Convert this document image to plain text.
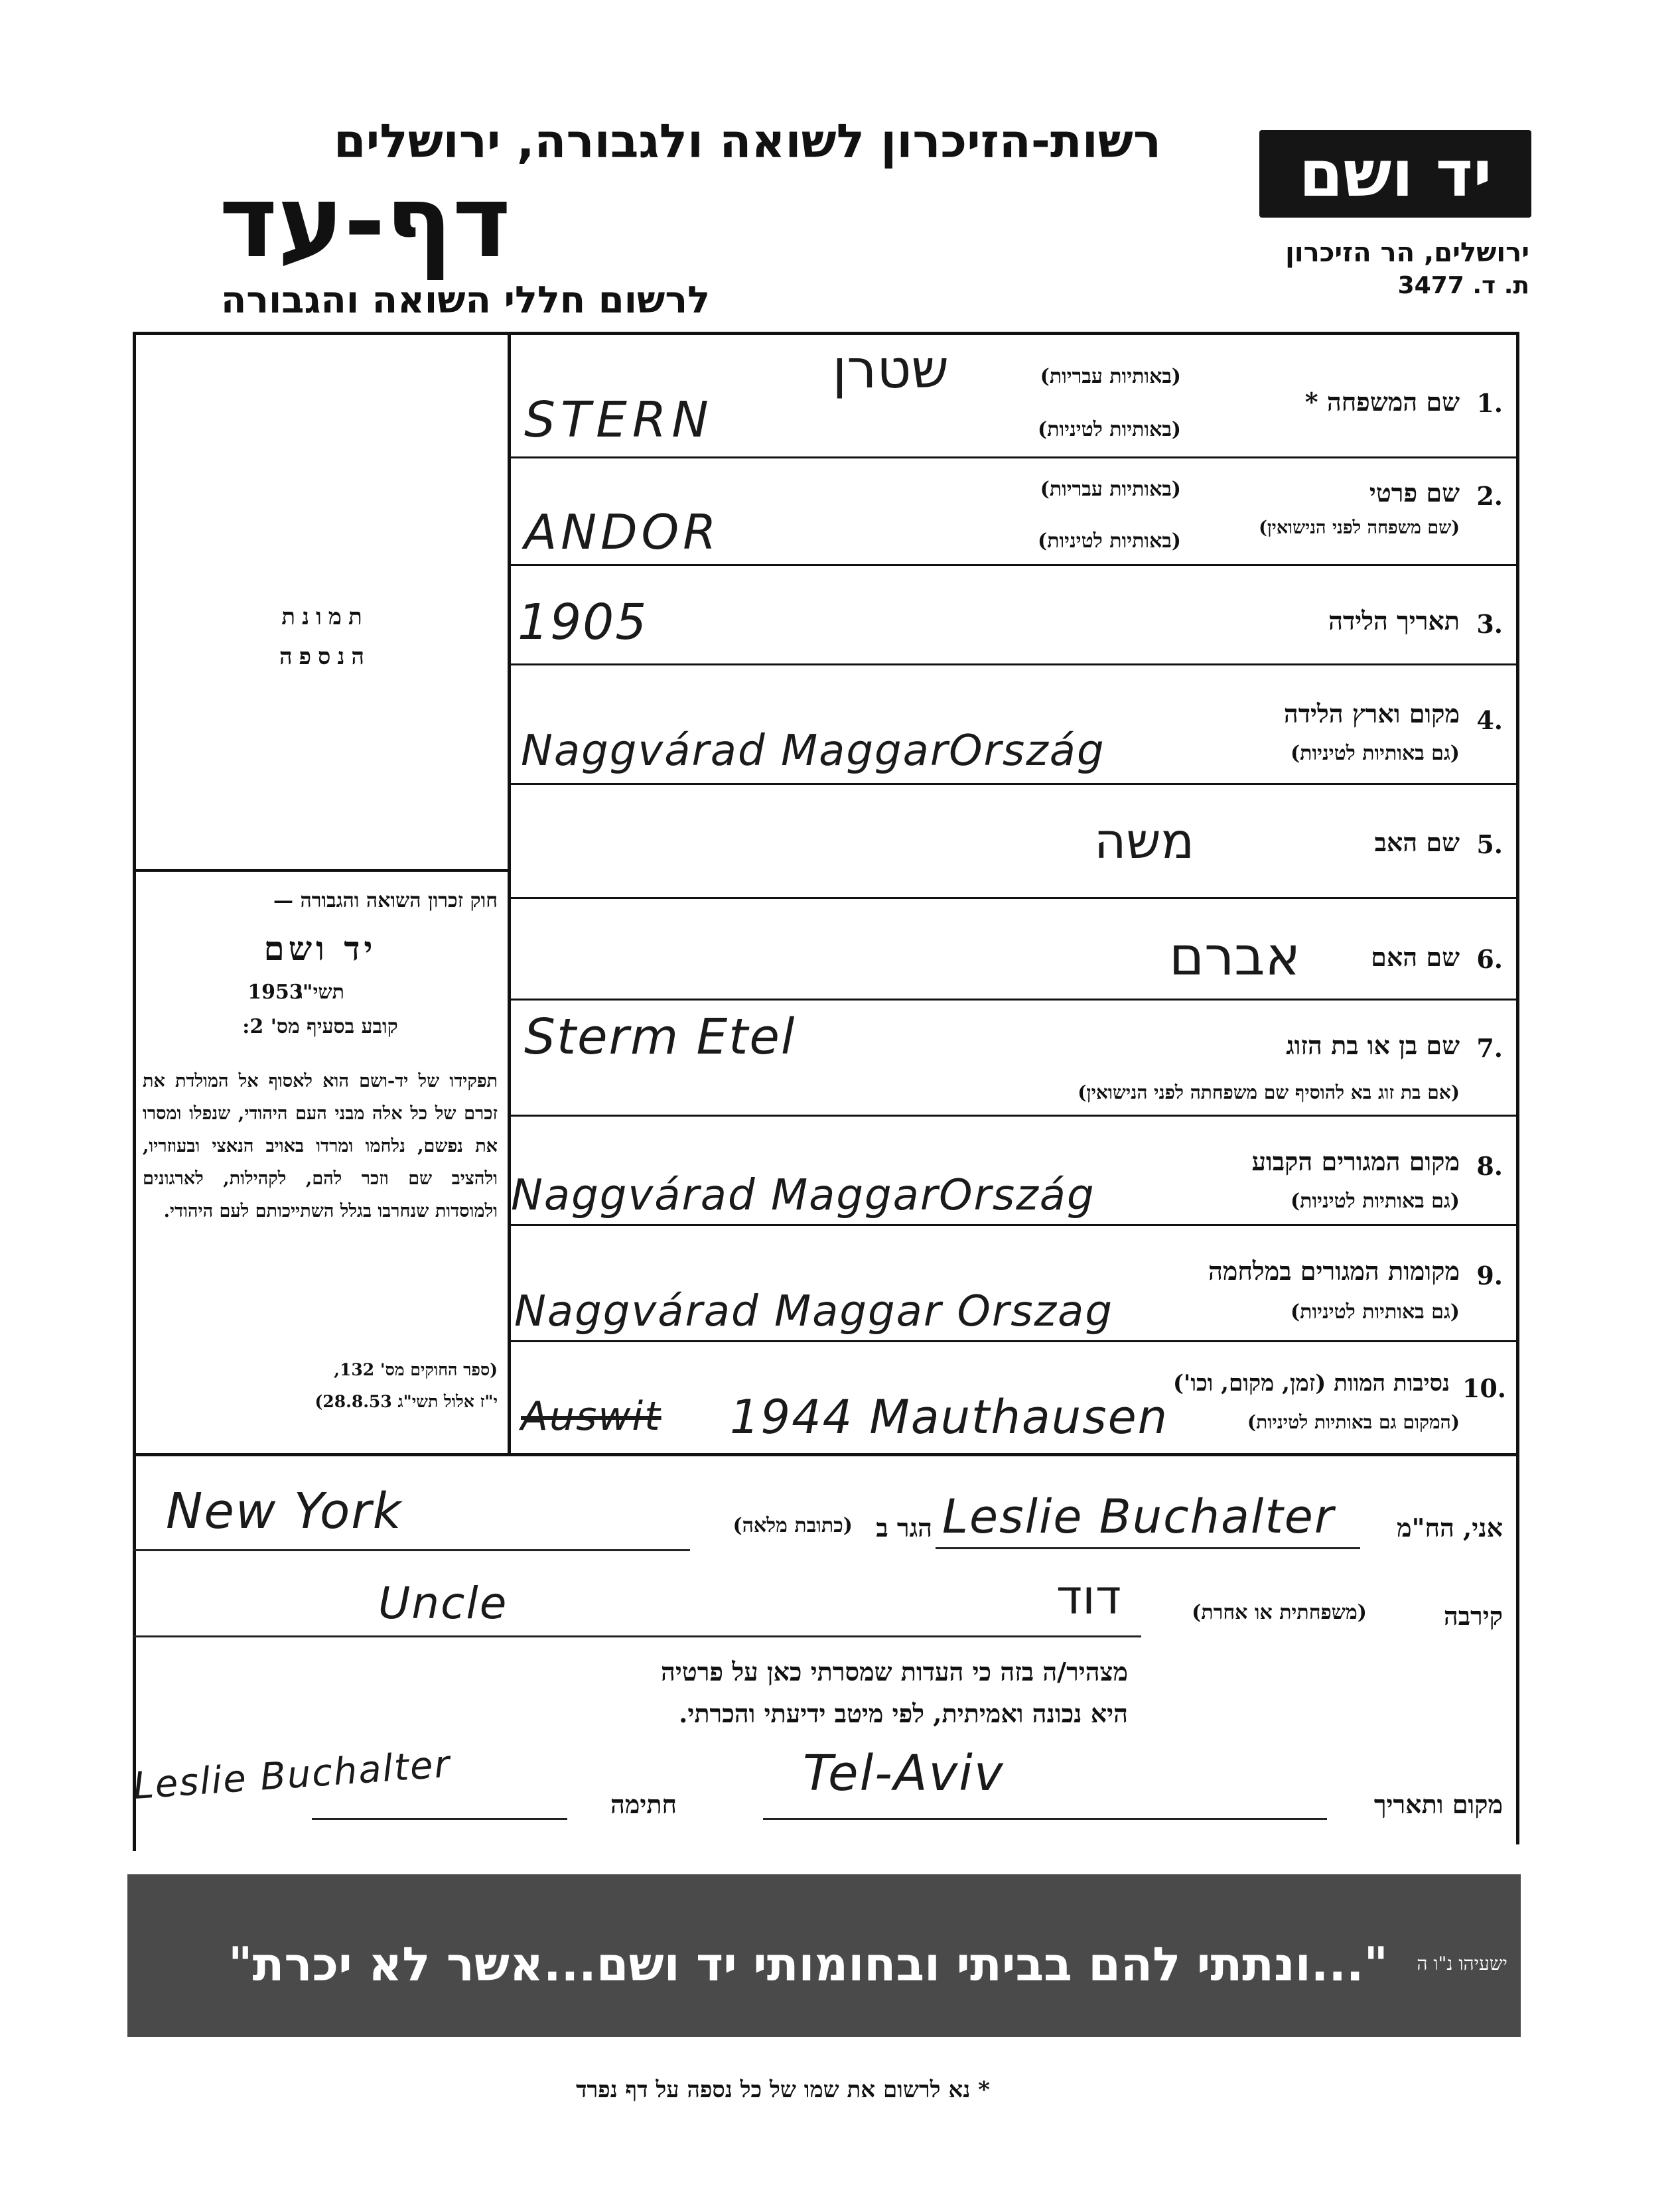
רשות-הזיכרון לשואה ולגבורה, ירושלים
דף-עד
לרשום חללי השואה והגבורה
יד ושם
ירושלים, הר הזיכרון
ת. ד. 3477
תמונת
הנספה
חוק זכרון השואה והגבורה —
יד ושם
תשי"ג
1953
קובע בסעיף מס' 2:
תפקידו של יד-ושם הוא לאסוף אל המולדת את זכרם של כל אלה מבני העם היהודי, שנפלו ומסרו את נפשם, נלחמו ומרדו באויב הנאצי ובעוזריו, ולהציב שם וזכר להם, לקהילות, לארגונים ולמוסדות שנחרבו בגלל השתייכותם לעם היהודי.
(ספר החוקים מס' 132,
י"ז אלול תשי"ג 28.8.53)
1.
שם המשפחה *
(באותיות עבריות)
(באותיות לטיניות)
שטרן
STERN
2.
שם פרטי
(שם משפחה לפני הנישואין)
(באותיות עבריות)
(באותיות לטיניות)
ANDOR
3.
תאריך הלידה
1905
4.
מקום וארץ הלידה
(גם באותיות לטיניות)
Naggvárad MaggarOrszág
5.
שם האב
משה
6.
שם האם
אברם
7.
שם בן או בת הזוג
(אם בת זוג בא להוסיף שם משפחתה לפני הנישואין)
Sterm Etel
8.
מקום המגורים הקבוע
(גם באותיות לטיניות)
Naggvárad MaggarOrszág
9.
מקומות המגורים במלחמה
(גם באותיות לטיניות)
Naggvárad Maggar Orszag
10.
נסיבות המוות (זמן, מקום, וכו')
(המקום גם באותיות לטיניות)
Auswit 1944 Mauthausen
אני, הח"מ
Leslie Buchalter
הגר ב
(כתובת מלאה)
New York
קירבה
(משפחתית או אחרת)
Uncle	דוד
מצהיר/ה בזה כי העדות שמסרתי כאן על פרטיה
היא נכונה ואמיתית, לפי מיטב ידיעתי והכרתי.
מקום ותאריך
Tel-Aviv
חתימה
Leslie Buchalter
"...ונתתי להם בביתי ובחומותי יד ושם...אשר לא יכרת"	ישעיהו נ"ו ה
* נא לרשום את שמו של כל נספה על דף נפרד
